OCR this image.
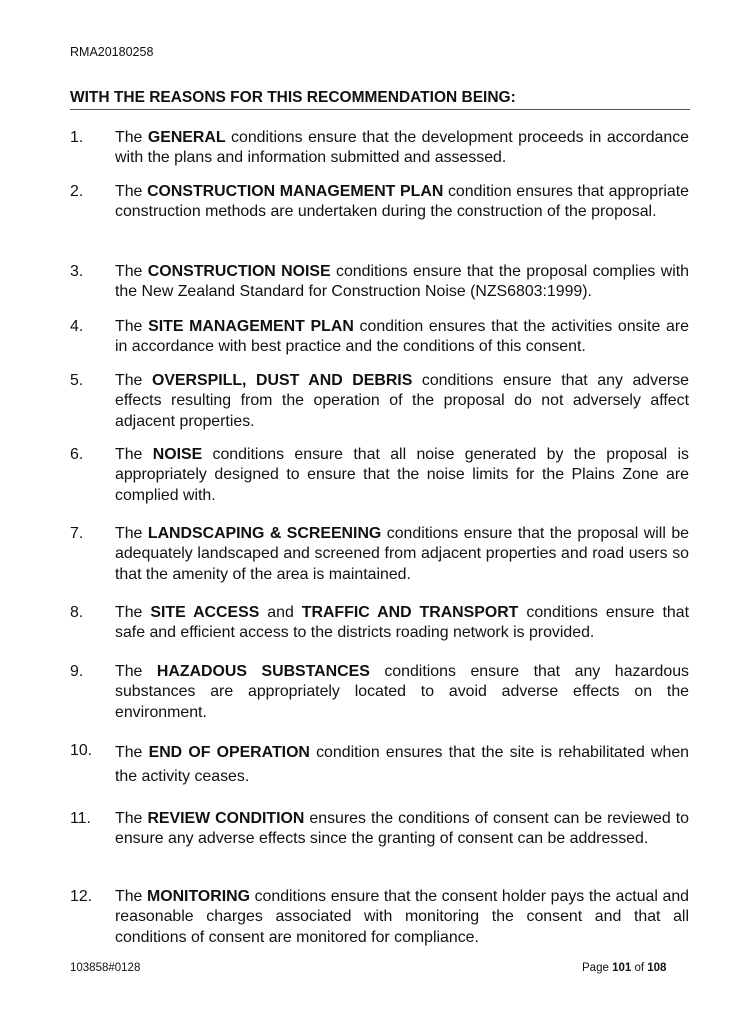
RMA20180258
WITH THE REASONS FOR THIS RECOMMENDATION BEING:
1. The GENERAL conditions ensure that the development proceeds in accordance with the plans and information submitted and assessed.
2. The CONSTRUCTION MANAGEMENT PLAN condition ensures that appropriate construction methods are undertaken during the construction of the proposal.
3. The CONSTRUCTION NOISE conditions ensure that the proposal complies with the New Zealand Standard for Construction Noise (NZS6803:1999).
4. The SITE MANAGEMENT PLAN condition ensures that the activities onsite are in accordance with best practice and the conditions of this consent.
5. The OVERSPILL, DUST AND DEBRIS conditions ensure that any adverse effects resulting from the operation of the proposal do not adversely affect adjacent properties.
6. The NOISE conditions ensure that all noise generated by the proposal is appropriately designed to ensure that the noise limits for the Plains Zone are complied with.
7. The LANDSCAPING & SCREENING conditions ensure that the proposal will be adequately landscaped and screened from adjacent properties and road users so that the amenity of the area is maintained.
8. The SITE ACCESS and TRAFFIC AND TRANSPORT conditions ensure that safe and efficient access to the districts roading network is provided.
9. The HAZADOUS SUBSTANCES conditions ensure that any hazardous substances are appropriately located to avoid adverse effects on the environment.
10. The END OF OPERATION condition ensures that the site is rehabilitated when the activity ceases.
11. The REVIEW CONDITION ensures the conditions of consent can be reviewed to ensure any adverse effects since the granting of consent can be addressed.
12. The MONITORING conditions ensure that the consent holder pays the actual and reasonable charges associated with monitoring the consent and that all conditions of consent are monitored for compliance.
103858#0128	Page 101 of 108
